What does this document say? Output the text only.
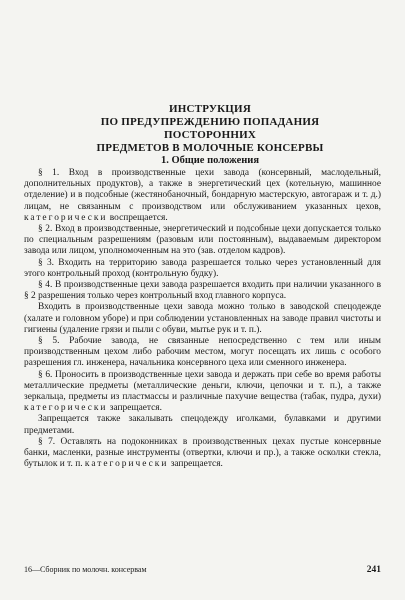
ИНСТРУКЦИЯ
ПО ПРЕДУПРЕЖДЕНИЮ ПОПАДАНИЯ ПОСТОРОННИХ
ПРЕДМЕТОВ В МОЛОЧНЫЕ КОНСЕРВЫ
1. Общие положения

§ 1. Вход в производственные цехи завода (консервный, маслодельный, дополнительных продуктов), а также в энергетический цех (котельную, машинное отделение) и в подсобные (жестянобаночный, бондарную мастерскую, автогараж и т. д.) лицам, не связанным с производством или обслуживанием указанных цехов, категорически воспрещается.

§ 2. Вход в производственные, энергетический и подсобные цехи допускается только по специальным разрешениям (разовым или постоянным), выдаваемым директором завода или лицом, уполномоченным на это (зав. отделом кадров).

§ 3. Входить на территорию завода разрешается только через установленный для этого контрольный проход (контрольную будку).

§ 4. В производственные цехи завода разрешается входить при наличии указанного в § 2 разрешения только через контрольный вход главного корпуса.

Входить в производственные цехи завода можно только в заводской спецодежде (халате и головном уборе) и при соблюдении установленных на заводе правил чистоты и гигиены (удаление грязи и пыли с обуви, мытье рук и т. п.).

§ 5. Рабочие завода, не связанные непосредственно с тем или иным производственным цехом либо рабочим местом, могут посещать их лишь с особого разрешения гл. инженера, начальника консервного цеха или сменного инженера.

§ 6. Проносить в производственные цехи завода и держать при себе во время работы металлические предметы (металлические деньги, ключи, цепочки и т. п.), а также зеркальца, предметы из пластмассы и различные пахучие вещества (табак, пудра, духи) категорически запрещается.

Запрещается также закалывать спецодежду иголками, булавками и другими предметами.

§ 7. Оставлять на подоконниках в производственных цехах пустые консервные банки, масленки, разные инструменты (отвертки, ключи и пр.), а также осколки стекла, бутылок и т. п. категорически запрещается.

16—Сборник по молочн. консервам	241
